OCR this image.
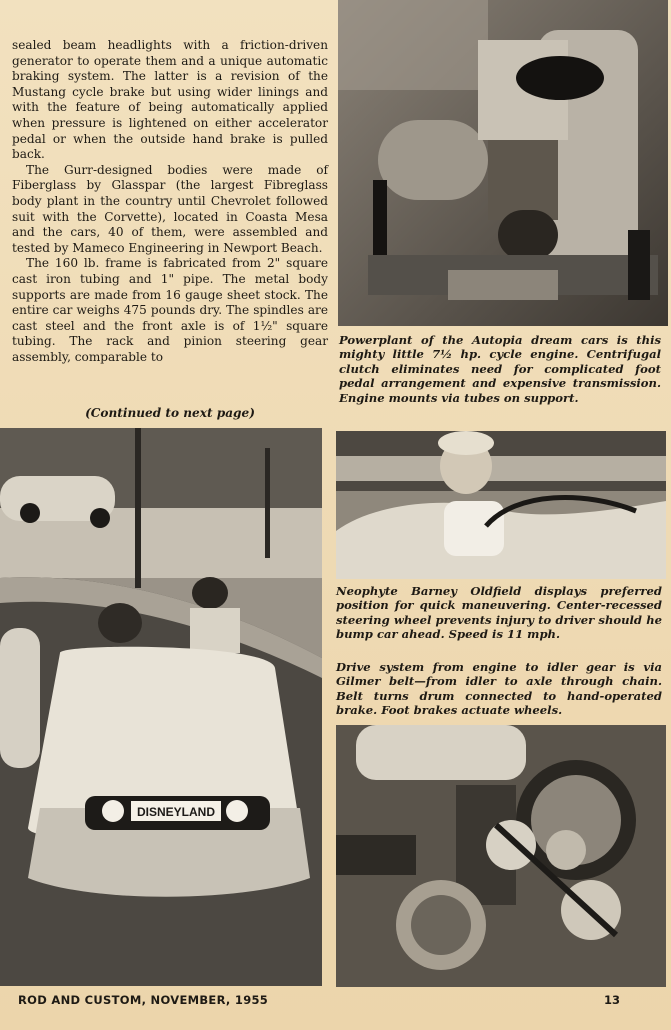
sealed beam headlights with a friction-driven generator to operate them and a unique automatic braking system. The latter is a revision of the Mustang cycle brake but using wider linings and with the feature of being automatically applied when pressure is lightened on either accelerator pedal or when the outside hand brake is pulled back.

The Gurr-designed bodies were made of Fiberglass by Glasspar (the largest Fibreglass body plant in the country until Chevrolet followed suit with the Corvette), located in Coasta Mesa and the cars, 40 of them, were assembled and tested by Mameco Engineering in Newport Beach.

The 160 lb. frame is fabricated from 2" square cast iron tubing and 1" pipe. The metal body supports are made from 16 gauge sheet stock. The entire car weighs 475 pounds dry. The spindles are cast steel and the front axle is of 1½" square tubing. The rack and pinion steering gear assembly, comparable to

(Continued to next page)
Powerplant of the Autopia dream cars is this mighty little 7½ hp. cycle engine. Centrifugal clutch eliminates need for complicated foot pedal arrangement and expensive transmission. Engine mounts via tubes on support.
DISNEYLAND
Neophyte Barney Oldfield displays preferred position for quick maneuvering. Center-recessed steering wheel prevents injury to driver should he bump car ahead. Speed is 11 mph.
Drive system from engine to idler gear is via Gilmer belt—from idler to axle through chain. Belt turns drum connected to hand-operated brake. Foot brakes actuate wheels.
ROD AND CUSTOM, NOVEMBER, 1955	13
